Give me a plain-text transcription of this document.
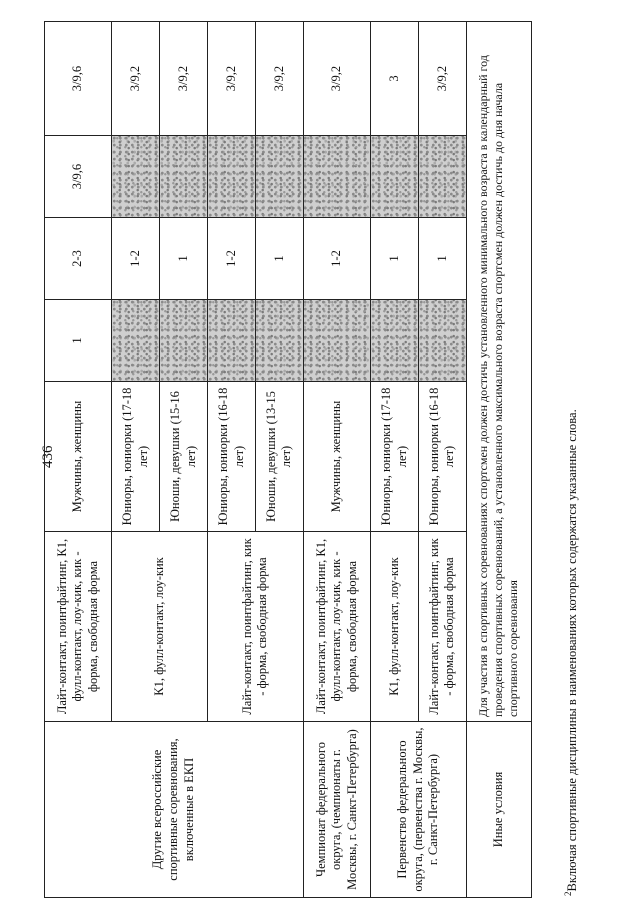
436
Другие всероссийские спортивные соревнования, включенные в ЕКП	Лайт-контакт, поинтфайтинг, К1, фулл-контакт, лоу-кик, кик - форма, свободная форма	Мужчины, женщины	1	2-3	3/9,6	3/9,6
	К1, фулл-контакт, лоу-кик	Юниоры, юниорки (17-18 лет)		1-2		3/9,2
		Юноши, девушки (15-16 лет)		1		3/9,2
	Лайт-контакт, поинтфайтинг, кик - форма, свободная форма	Юниоры, юниорки (16-18 лет)		1-2		3/9,2
		Юноши, девушки (13-15 лет)		1		3/9,2
Чемпионат федерального округа, (чемпионаты г. Москвы, г. Санкт-Петербурга)	Лайт-контакт, поинтфайтинг, К1, фулл-контакт, лоу-кик, кик - форма, свободная форма	Мужчины, женщины		1-2		3/9,2
Первенство федерального округа, (первенства г. Москвы, г. Санкт-Петербурга)	К1, фулл-контакт, лоу-кик	Юниоры, юниорки (17-18 лет)		1		3
	Лайт-контакт, поинтфайтинг, кик - форма, свободная форма	Юниоры, юниорки (16-18 лет)		1		3/9,2
Иные условия	Для участия в спортивных соревнованиях спортсмен должен достичь установленного минимального возраста в календарный год проведения спортивных соревнований, а установленного максимального возраста спортсмен должен достичь до дня начала спортивного соревнования					
$^2$Включая спортивные дисциплины в наименованиях которых содержатся указанные слова.
